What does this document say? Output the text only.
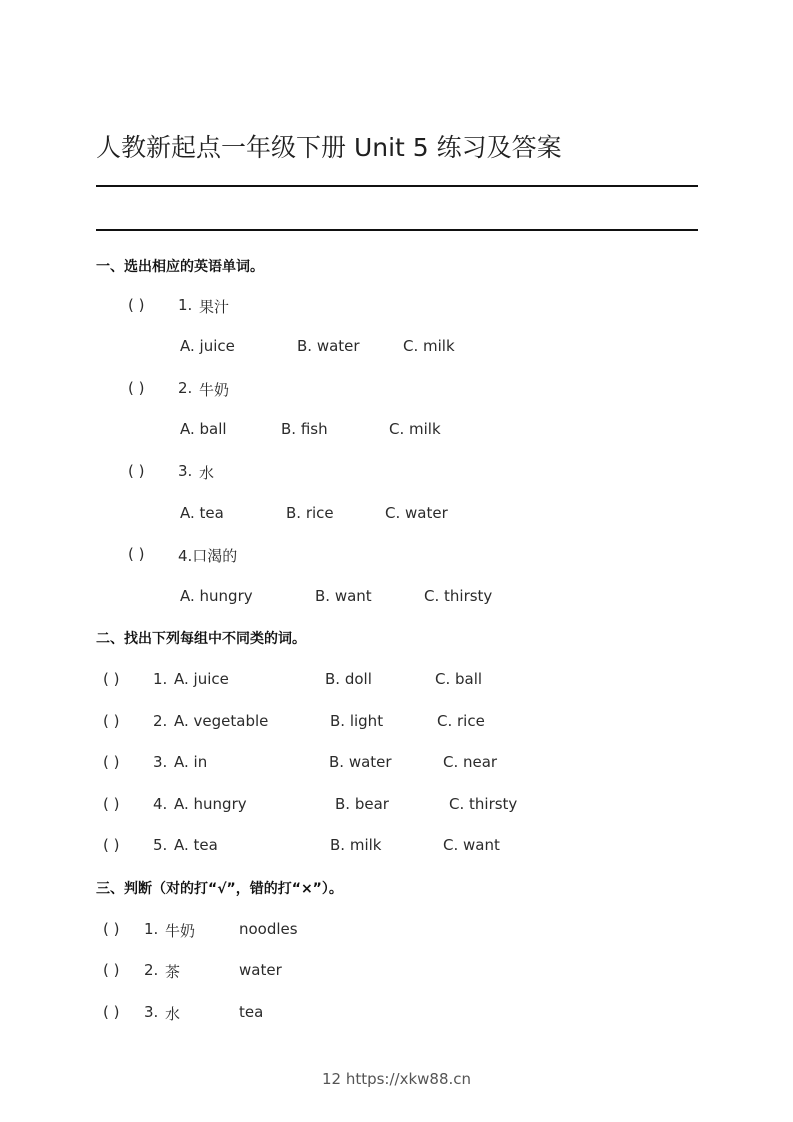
人教新起点一年级下册 Unit 5 练习及答案
一、选出相应的英语单词。
( ) 1. 果汁
A. juice	B. water	C. milk
( ) 2. 牛奶
A. ball	B. fish	C. milk
( ) 3. 水
A. tea	B. rice	C. water
( ) 4.口渴的
A. hungry	B. want	C. thirsty
二、找出下列每组中不同类的词。
( ) 1. A. juice	B. doll	C. ball
( ) 2. A. vegetable	B. light	C. rice
( ) 3. A. in	B. water	C. near
( ) 4. A. hungry	B. bear	C. thirsty
( ) 5. A. tea	B. milk	C. want
三、判断（对的打“√”，错的打“×”）。
( ) 1. 牛奶	noodles
( ) 2. 茶	water
( ) 3. 水	tea
12 https://xkw88.cn
